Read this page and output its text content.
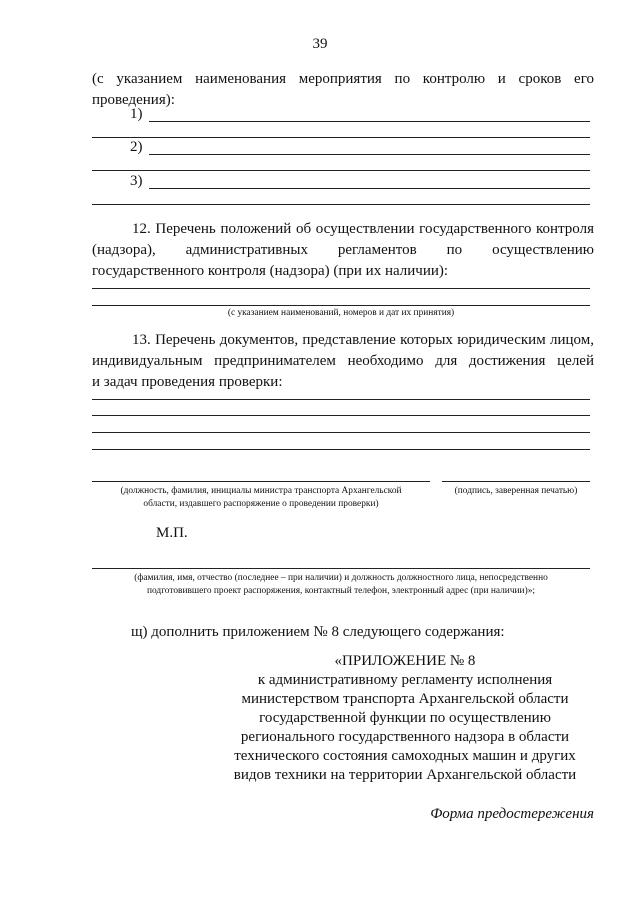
39
(с указанием наименования мероприятия по контролю и сроков его
проведения):
1)
2)
3)
12. Перечень положений об осуществлении государственного контроля
(надзора), административных регламентов по осуществлению
государственного контроля (надзора) (при их наличии):
(с указанием наименований, номеров и дат их принятия)
13. Перечень документов, представление которых юридическим лицом,
индивидуальным предпринимателем необходимо для достижения целей
и задач проведения проверки:
(должность, фамилия, инициалы министра транспорта Архангельской
области, издавшего распоряжение о проведении проверки)
(подпись, заверенная печатью)
М.П.
(фамилия, имя, отчество (последнее – при наличии) и должность должностного лица, непосредственно
подготовившего проект распоряжения, контактный телефон, электронный адрес (при наличии)»;
щ) дополнить приложением № 8 следующего содержания:
«ПРИЛОЖЕНИЕ № 8
к административному регламенту исполнения
министерством транспорта Архангельской области
государственной функции по осуществлению
регионального государственного надзора в области
технического состояния самоходных машин и других
видов техники на территории Архангельской области
Форма предостережения
